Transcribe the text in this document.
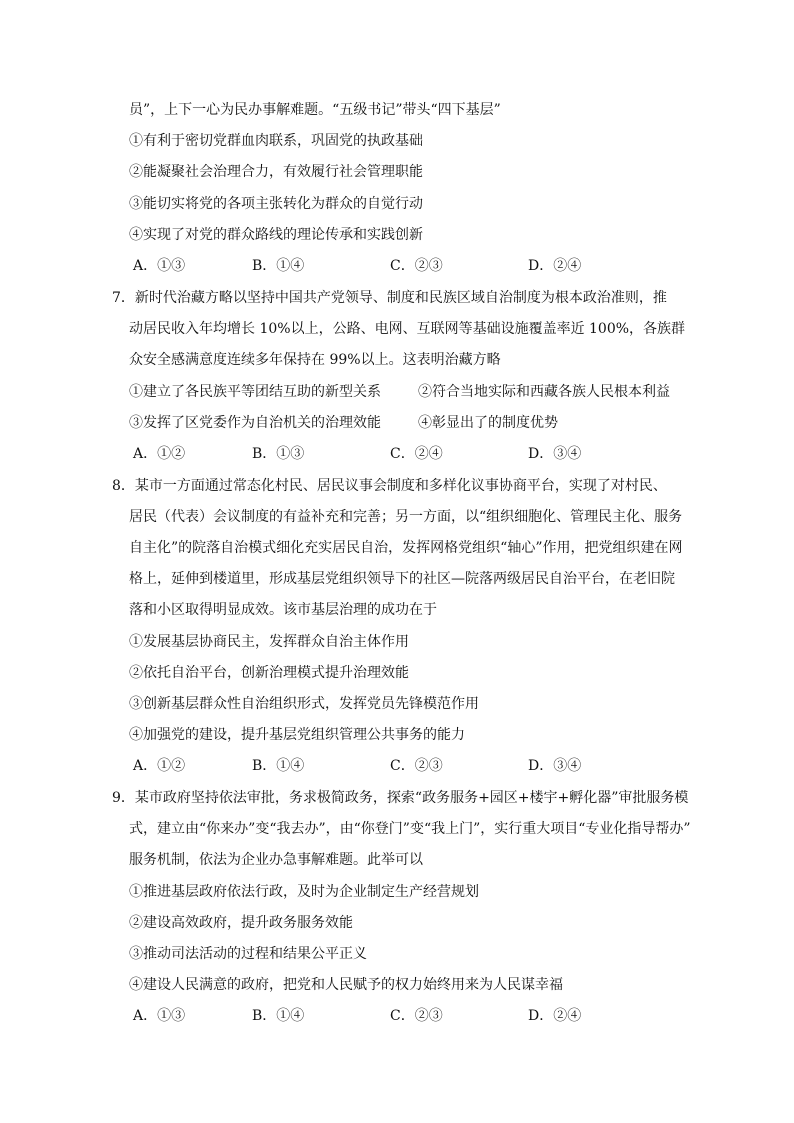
员”，上下一心为民办事解难题。“五级书记”带头“四下基层”
①有利于密切党群血肉联系，巩固党的执政基础
②能凝聚社会治理合力，有效履行社会管理职能
③能切实将党的各项主张转化为群众的自觉行动
④实现了对党的群众路线的理论传承和实践创新
A．①③	B．①④	C．②③	D．②④
7．新时代治藏方略以坚持中国共产党领导、制度和民族区域自治制度为根本政治准则，推
动居民收入年均增长 10%以上，公路、电网、互联网等基础设施覆盖率近 100%，各族群
众安全感满意度连续多年保持在 99%以上。这表明治藏方略
①建立了各民族平等团结互助的新型关系	②符合当地实际和西藏各族人民根本利益
③发挥了区党委作为自治机关的治理效能	④彰显出了的制度优势
A．①②	B．①③	C．②④	D．③④
8．某市一方面通过常态化村民、居民议事会制度和多样化议事协商平台，实现了对村民、
居民（代表）会议制度的有益补充和完善；另一方面，以“组织细胞化、管理民主化、服务
自主化”的院落自治模式细化充实居民自治，发挥网格党组织“轴心”作用，把党组织建在网
格上，延伸到楼道里，形成基层党组织领导下的社区—院落两级居民自治平台，在老旧院
落和小区取得明显成效。该市基层治理的成功在于
①发展基层协商民主，发挥群众自治主体作用
②依托自治平台，创新治理模式提升治理效能
③创新基层群众性自治组织形式，发挥党员先锋模范作用
④加强党的建设，提升基层党组织管理公共事务的能力
A．①②	B．①④	C．②③	D．③④
9．某市政府坚持依法审批，务求极简政务，探索“政务服务+园区+楼宇+孵化器”审批服务模
式，建立由“你来办”变“我去办”，由“你登门”变“我上门”，实行重大项目“专业化指导帮办”
服务机制，依法为企业办急事解难题。此举可以
①推进基层政府依法行政，及时为企业制定生产经营规划
②建设高效政府，提升政务服务效能
③推动司法活动的过程和结果公平正义
④建设人民满意的政府，把党和人民赋予的权力始终用来为人民谋幸福
A．①③	B．①④	C．②③	D．②④
